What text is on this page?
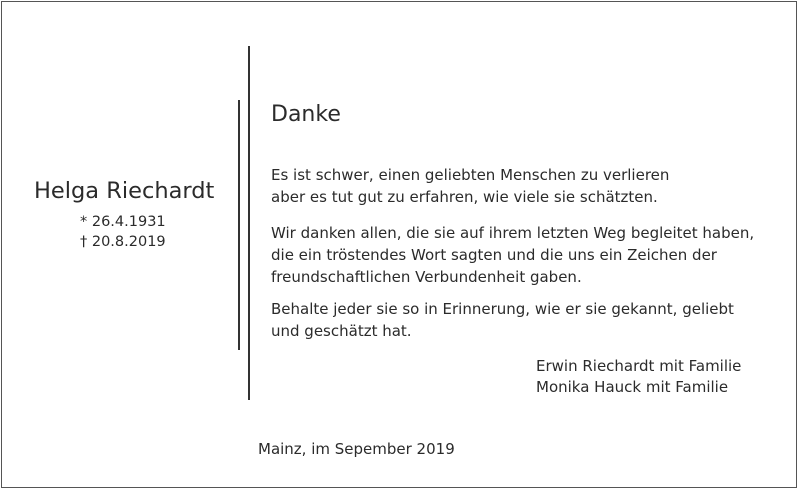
Helga Riechardt
* 26.4.1931
† 20.8.2019
Danke
Es ist schwer, einen geliebten Menschen zu verlieren
aber es tut gut zu erfahren, wie viele sie schätzten.
Wir danken allen, die sie auf ihrem letzten Weg begleitet haben,
die ein tröstendes Wort sagten und die uns ein Zeichen der
freundschaftlichen Verbundenheit gaben.
Behalte jeder sie so in Erinnerung, wie er sie gekannt, geliebt
und geschätzt hat.
Erwin Riechardt mit Familie
Monika Hauck mit Familie
Mainz, im Sepember 2019
